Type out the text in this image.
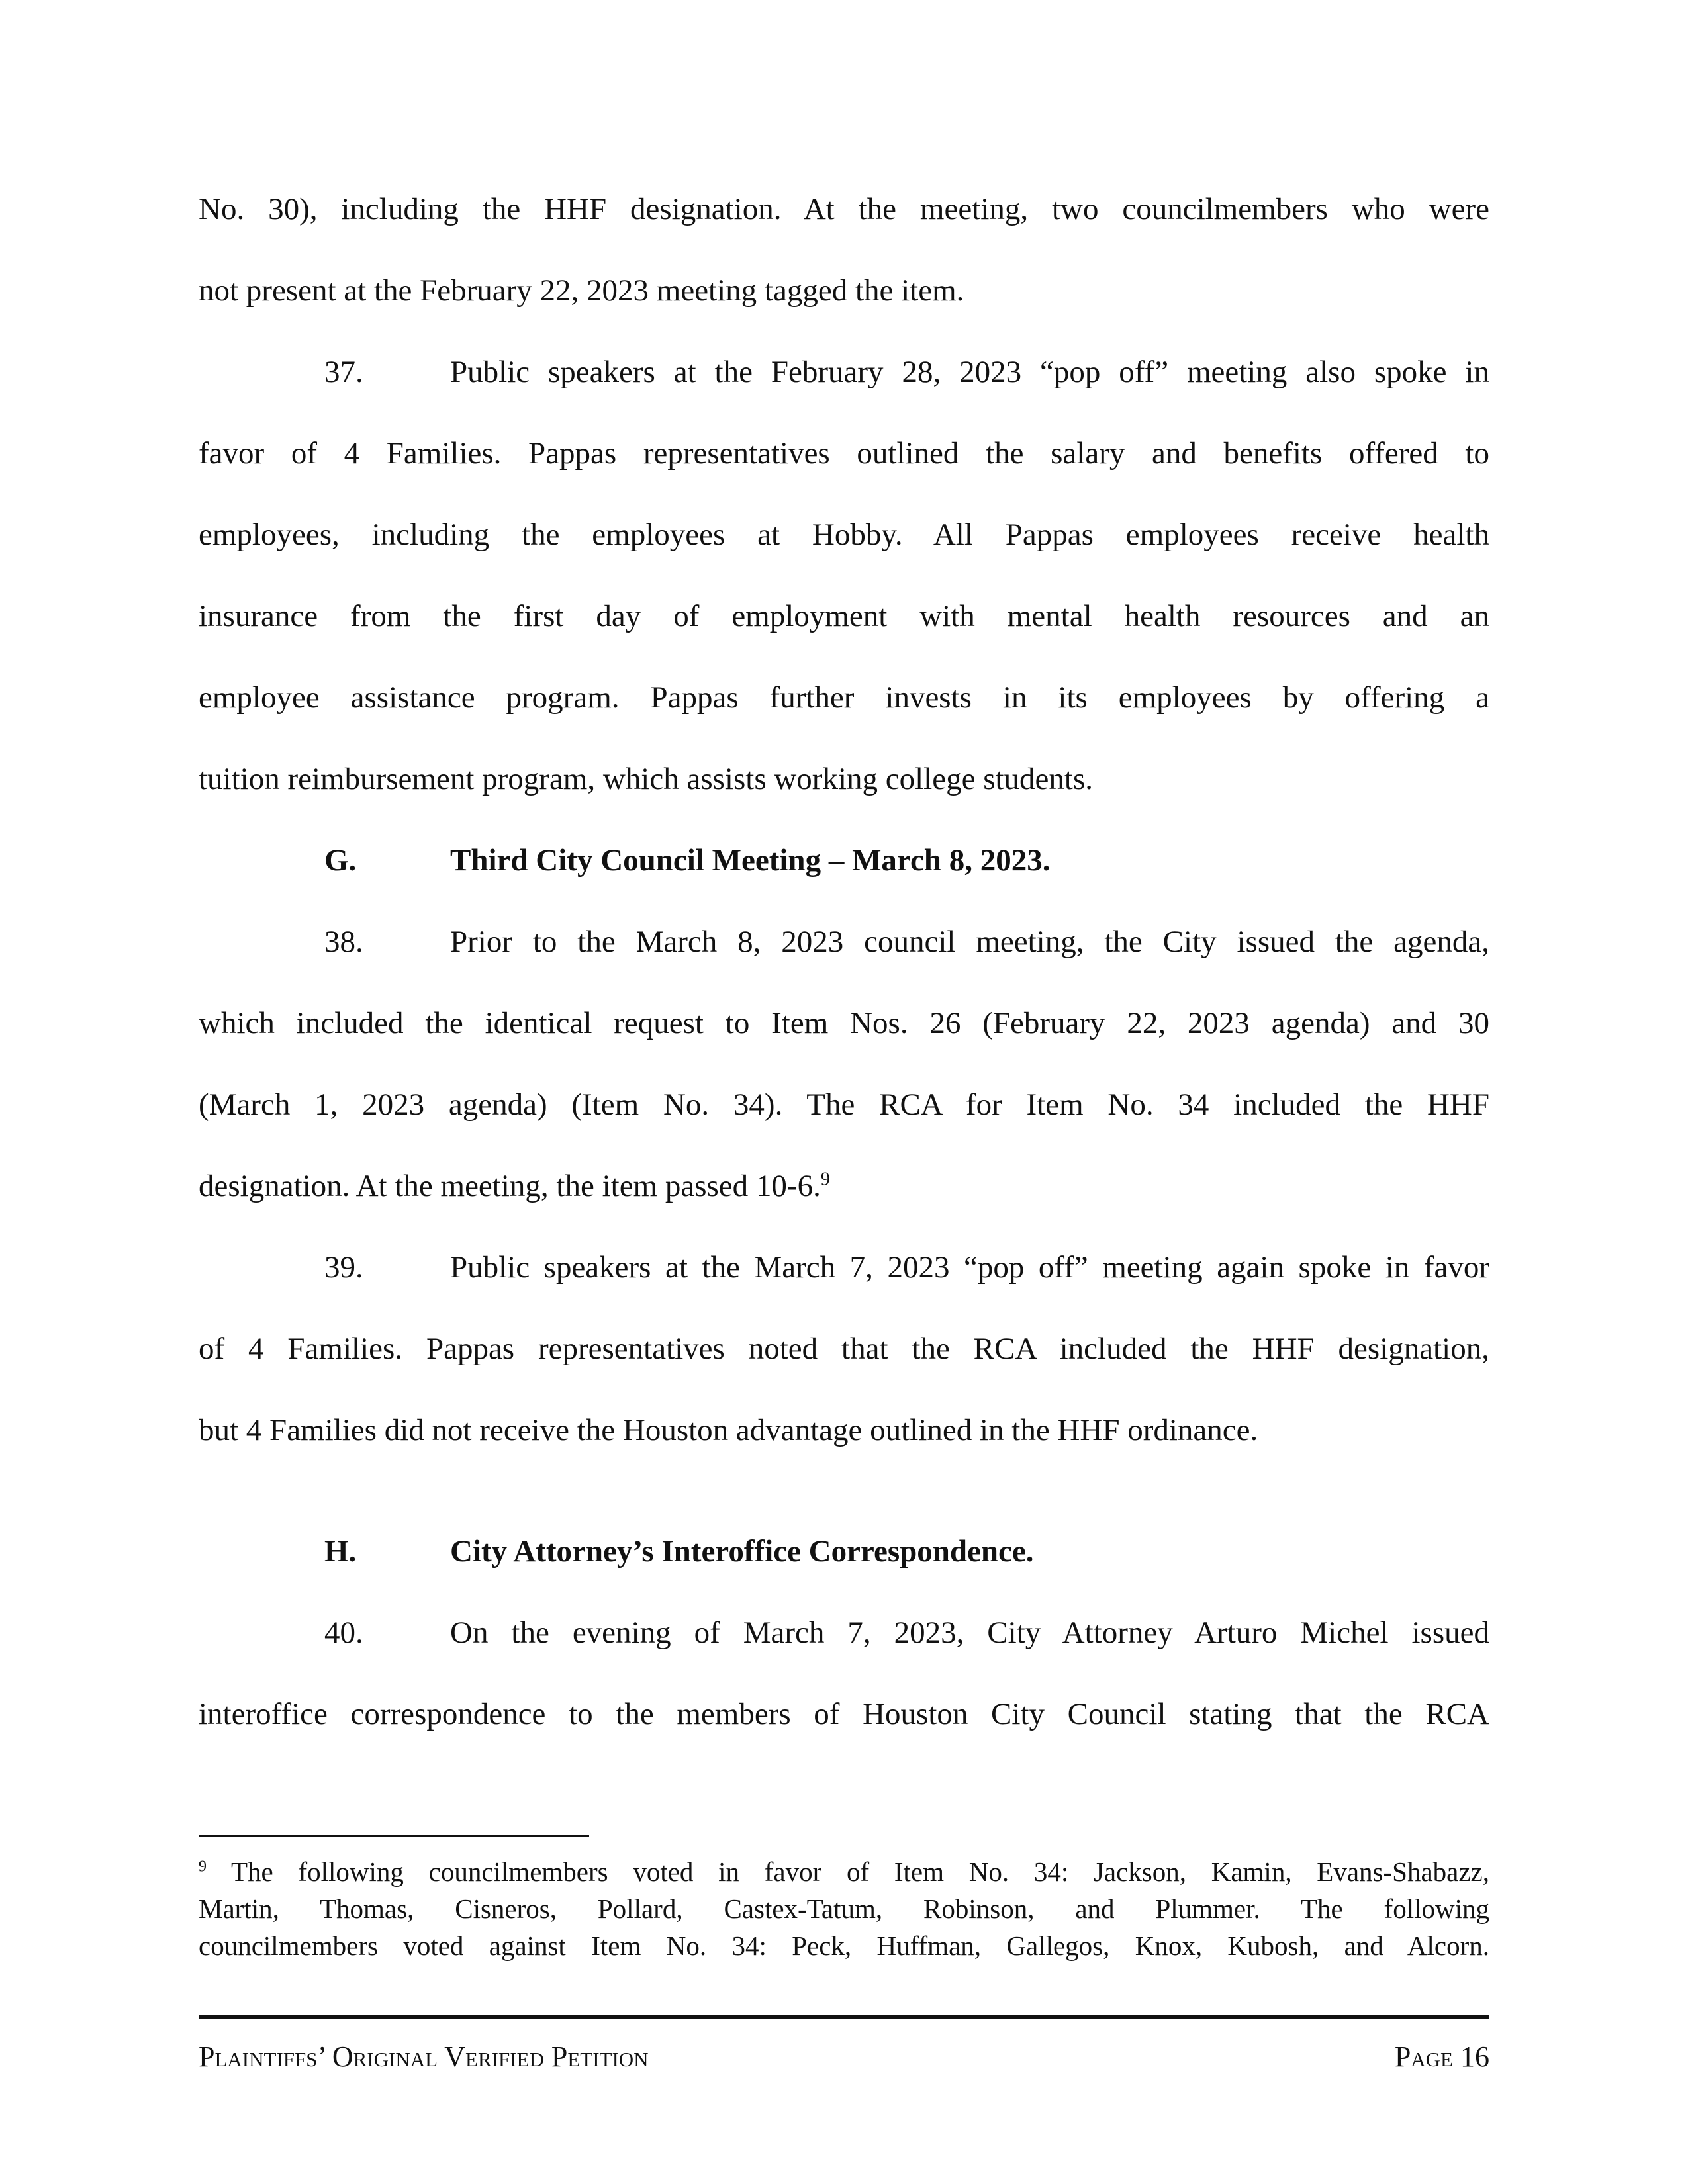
No. 30), including the HHF designation. At the meeting, two councilmembers who were
not present at the February 22, 2023 meeting tagged the item.
37.	Public speakers at the February 28, 2023 “pop off” meeting also spoke in
favor of 4 Families. Pappas representatives outlined the salary and benefits offered to
employees, including the employees at Hobby. All Pappas employees receive health
insurance from the first day of employment with mental health resources and an
employee assistance program. Pappas further invests in its employees by offering a
tuition reimbursement program, which assists working college students.
G.	Third City Council Meeting – March 8, 2023.
38.	Prior to the March 8, 2023 council meeting, the City issued the agenda,
which included the identical request to Item Nos. 26 (February 22, 2023 agenda) and 30
(March 1, 2023 agenda) (Item No. 34). The RCA for Item No. 34 included the HHF
designation. At the meeting, the item passed 10-6.$^9$
39.	Public speakers at the March 7, 2023 “pop off” meeting again spoke in favor
of 4 Families. Pappas representatives noted that the RCA included the HHF designation,
but 4 Families did not receive the Houston advantage outlined in the HHF ordinance.
H.	City Attorney’s Interoffice Correspondence.
40.	On the evening of March 7, 2023, City Attorney Arturo Michel issued
interoffice correspondence to the members of Houston City Council stating that the RCA
$^9$ The following councilmembers voted in favor of Item No. 34: Jackson, Kamin, Evans-Shabazz,
Martin, Thomas, Cisneros, Pollard, Castex-Tatum, Robinson, and Plummer. The following
councilmembers voted against Item No. 34: Peck, Huffman, Gallegos, Knox, Kubosh, and Alcorn.
Plaintiffs’ Original Verified Petition	Page 16
